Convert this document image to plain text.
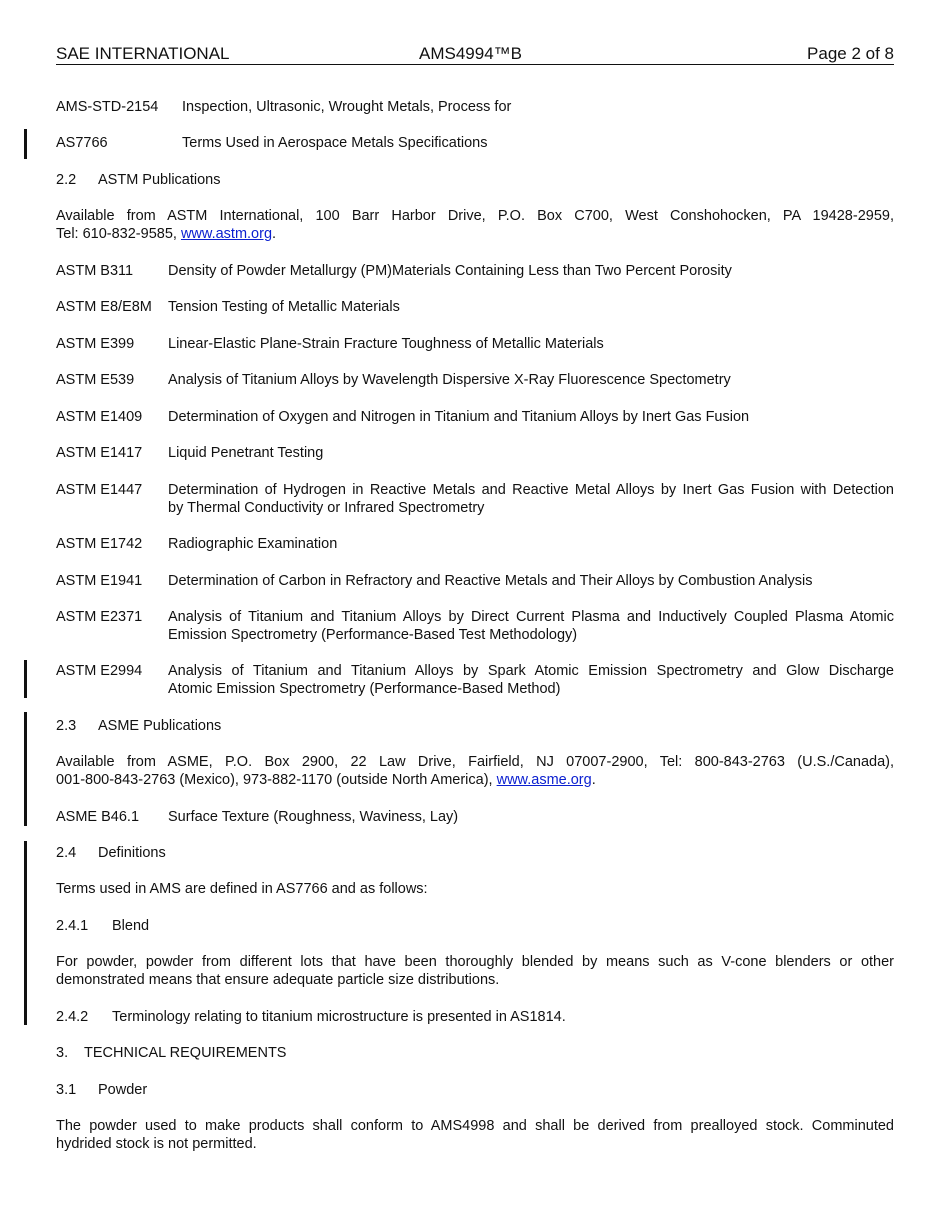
SAE INTERNATIONAL	AMS4994™B	Page 2 of 8
AMS-STD-2154 Inspection, Ultrasonic, Wrought Metals, Process for
AS7766	Terms Used in Aerospace Metals Specifications
2.2 ASTM Publications
Available from ASTM International, 100 Barr Harbor Drive, P.O. Box C700, West Conshohocken, PA 19428-2959,
Tel: 610-832-9585, www.astm.org.
ASTM B311 Density of Powder Metallurgy (PM)Materials Containing Less than Two Percent Porosity
ASTM E8/E8M Tension Testing of Metallic Materials
ASTM E399 Linear-Elastic Plane-Strain Fracture Toughness of Metallic Materials
ASTM E539 Analysis of Titanium Alloys by Wavelength Dispersive X-Ray Fluorescence Spectometry
ASTM E1409 Determination of Oxygen and Nitrogen in Titanium and Titanium Alloys by Inert Gas Fusion
ASTM E1417 Liquid Penetrant Testing
ASTM E1447 Determination of Hydrogen in Reactive Metals and Reactive Metal Alloys by Inert Gas Fusion with Detection
by Thermal Conductivity or Infrared Spectrometry
ASTM E1742 Radiographic Examination
ASTM E1941 Determination of Carbon in Refractory and Reactive Metals and Their Alloys by Combustion Analysis
ASTM E2371 Analysis of Titanium and Titanium Alloys by Direct Current Plasma and Inductively Coupled Plasma Atomic
Emission Spectrometry (Performance-Based Test Methodology)
ASTM E2994 Analysis of Titanium and Titanium Alloys by Spark Atomic Emission Spectrometry and Glow Discharge
Atomic Emission Spectrometry (Performance-Based Method)
2.3 ASME Publications
Available from ASME, P.O. Box 2900, 22 Law Drive, Fairfield, NJ 07007-2900, Tel: 800-843-2763 (U.S./Canada),
001-800-843-2763 (Mexico), 973-882-1170 (outside North America), www.asme.org.
ASME B46.1 Surface Texture (Roughness, Waviness, Lay)
2.4 Definitions
Terms used in AMS are defined in AS7766 and as follows:
2.4.1 Blend
For powder, powder from different lots that have been thoroughly blended by means such as V-cone blenders or other
demonstrated means that ensure adequate particle size distributions.
2.4.2 Terminology relating to titanium microstructure is presented in AS1814.
3. TECHNICAL REQUIREMENTS
3.1 Powder
The powder used to make products shall conform to AMS4998 and shall be derived from prealloyed stock. Comminuted
hydrided stock is not permitted.
